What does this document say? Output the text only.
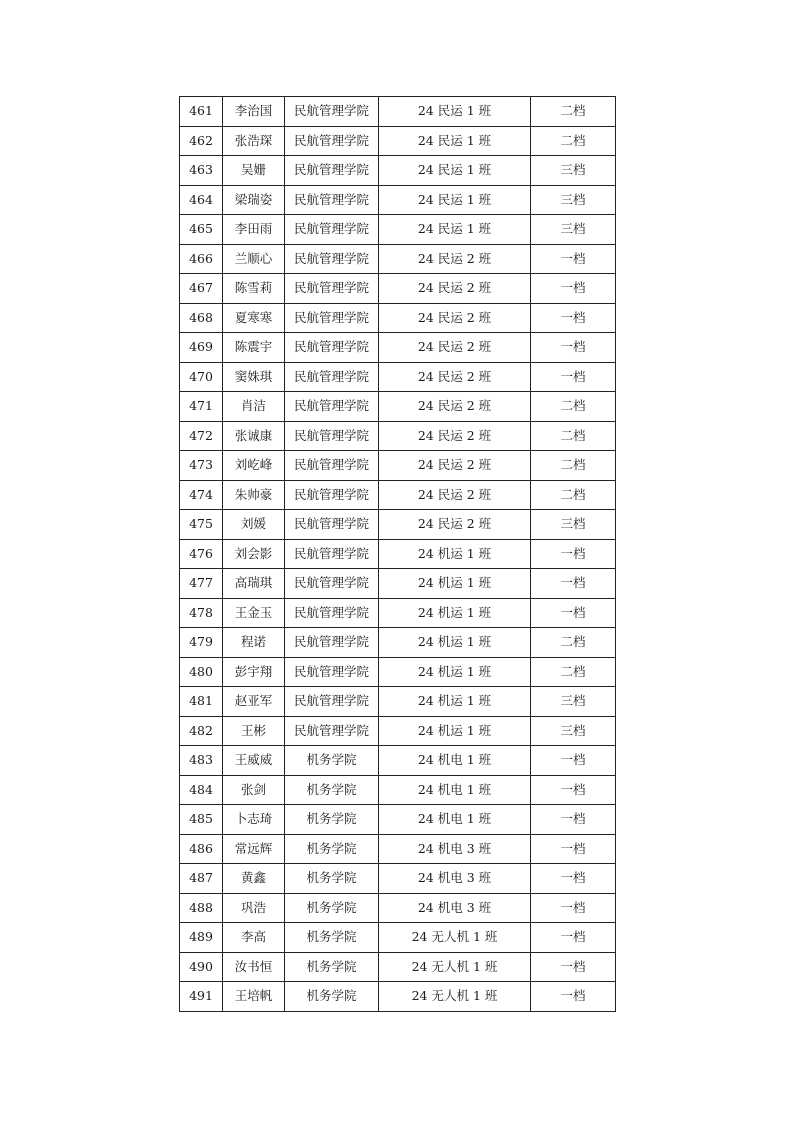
461	李治国	民航管理学院	24 民运 1 班	二档
462	张浩琛	民航管理学院	24 民运 1 班	二档
463	吴姗	民航管理学院	24 民运 1 班	三档
464	梁瑞姿	民航管理学院	24 民运 1 班	三档
465	李田雨	民航管理学院	24 民运 1 班	三档
466	兰顺心	民航管理学院	24 民运 2 班	一档
467	陈雪莉	民航管理学院	24 民运 2 班	一档
468	夏寒寒	民航管理学院	24 民运 2 班	一档
469	陈震宇	民航管理学院	24 民运 2 班	一档
470	窦姝琪	民航管理学院	24 民运 2 班	一档
471	肖洁	民航管理学院	24 民运 2 班	二档
472	张诚康	民航管理学院	24 民运 2 班	二档
473	刘屹峰	民航管理学院	24 民运 2 班	二档
474	朱帅豪	民航管理学院	24 民运 2 班	二档
475	刘媛	民航管理学院	24 民运 2 班	三档
476	刘会影	民航管理学院	24 机运 1 班	一档
477	高瑞琪	民航管理学院	24 机运 1 班	一档
478	王金玉	民航管理学院	24 机运 1 班	一档
479	程诺	民航管理学院	24 机运 1 班	二档
480	彭宇翔	民航管理学院	24 机运 1 班	二档
481	赵亚军	民航管理学院	24 机运 1 班	三档
482	王彬	民航管理学院	24 机运 1 班	三档
483	王威威	机务学院	24 机电 1 班	一档
484	张剑	机务学院	24 机电 1 班	一档
485	卜志琦	机务学院	24 机电 1 班	一档
486	常远辉	机务学院	24 机电 3 班	一档
487	黄鑫	机务学院	24 机电 3 班	一档
488	巩浩	机务学院	24 机电 3 班	一档
489	李高	机务学院	24 无人机 1 班	一档
490	汝书恒	机务学院	24 无人机 1 班	一档
491	王培帆	机务学院	24 无人机 1 班	一档
